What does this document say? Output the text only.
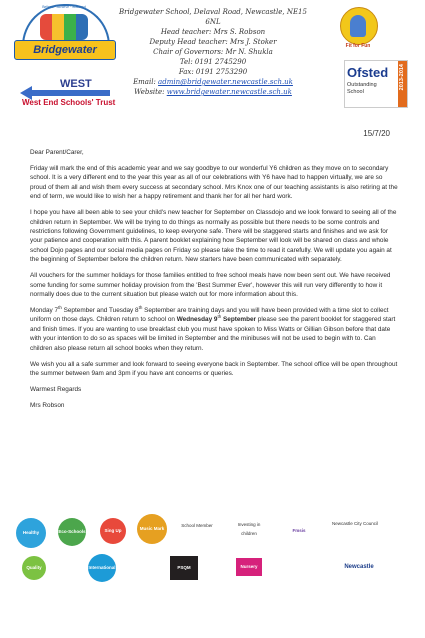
Believe · Achieve · Succeed
Bridgewater
WEST
West End Schools' Trust
Bridgewater School, Delaval Road, Newcastle, NE15 6NL
Head teacher: Mrs S. Robson
Deputy Head teacher: Mrs J. Stoker
Chair of Governors: Mr N. Shukla
Tel: 0191 2745290
Fax: 0191 2753290
Email: admin@bridgewater.newcastle.sch.uk
Website: www.bridgewater.newcastle.sch.uk
Fit for Fun
Ofsted
Outstanding
School
2013-2014
15/7/20

Dear Parent/Carer,

Friday will mark the end of this academic year and we say goodbye to our wonderful Y6 children as they move on to secondary school. It is a very different end to the year this year as all of our celebrations with Y6 have had to happen virtually, we are so proud of them all and wish them every success at secondary school. Mrs Knox one of our teaching assistants is also retiring at the end of term, we would like to wish her a happy retirement and thank her for all her hard work.

I hope you have all been able to see your child's new teacher for September on Classdojo and we look forward to seeing all of the children return in September. We will be trying to do things as normally as possible but there needs to be some controls and restrictions following Government guidelines, to keep everyone safe. There will be staggered starts and finishes and we ask for your patience and cooperation with this. A parent booklet explaining how September will look will be shared on class and whole school Dojo pages and our social media pages on Friday so please take the time to read it carefully. We will update you again at the beginning of September before the children return. New starters have been communicated with separately.

All vouchers for the summer holidays for those families entitled to free school meals have now been sent out. We have received some funding for some summer holiday provision from the 'Best Summer Ever', however this will run very differently to how it normally does due to the current situation but please watch out for more information about this.

Monday 7th September and Tuesday 8th September are training days and you will have been provided with a time slot to collect uniform on those days. Children return to school on Wednesday 9th September please see the parent booklet for staggered start and finish times. If you are wanting to use breakfast club you must have spoken to Miss Watts or Gillian Gibson before that date with your intention to do so as spaces will be limited in September and the minibuses will not be used to begin with to. Can children also please return all school books when they return.

We wish you all a safe summer and look forward to seeing everyone back in September. The school office will be open throughout the summer between 9am and 3pm if you have ant concerns or queries.

Warmest Regards

Mrs Robson

Healthy	Eco-Schools	Sing Up	Music Mark
School Member	Investing in children
Fmsis
Newcastle City Council
Quality Mark
International School Award
PSQM	Nursery World Awards
Newcastle
